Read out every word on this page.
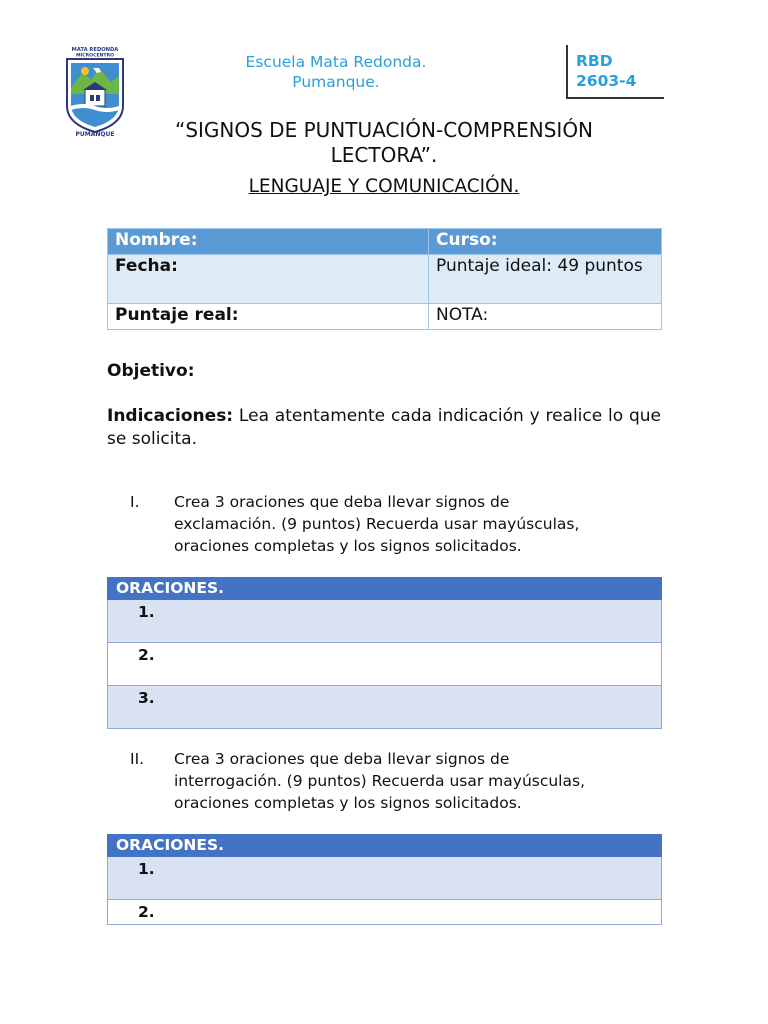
MATA REDONDA
MICROCENTRO
PUMANQUE
Escuela Mata Redonda.
Pumanque.
RBD
2603-4
“SIGNOS DE PUNTUACIÓN-COMPRENSIÓN
LECTORA”.
LENGUAJE Y COMUNICACIÓN.
Nombre:	Curso:
Fecha:	Puntaje ideal: 49 puntos
Puntaje real:	NOTA:
Objetivo:
Indicaciones: Lea atentamente cada indicación y realice lo que se solicita.
I. Crea 3 oraciones que deba llevar signos de exclamación. (9 puntos) Recuerda usar mayúsculas, oraciones completas y los signos solicitados.
ORACIONES.
1.
2.
3.
II. Crea 3 oraciones que deba llevar signos de interrogación. (9 puntos) Recuerda usar mayúsculas, oraciones completas y los signos solicitados.
ORACIONES.
1.
2.
